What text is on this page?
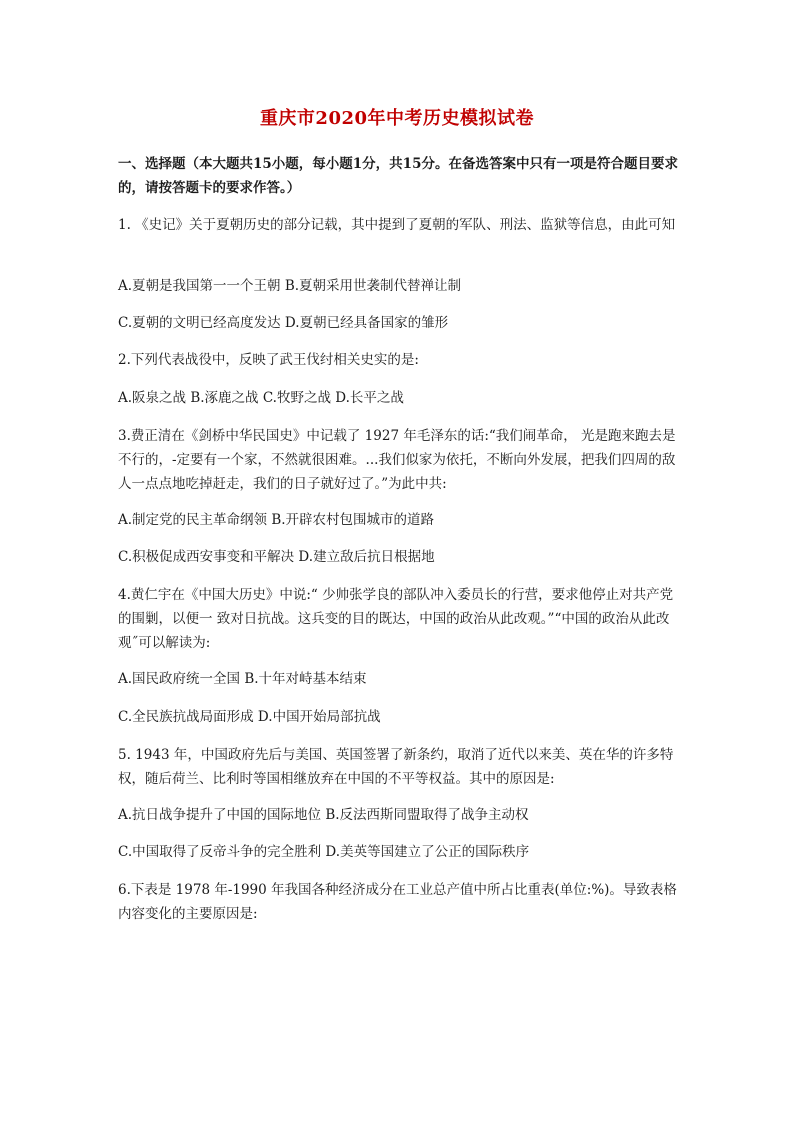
重庆市2020年中考历史模拟试卷
一、选择题（本大题共15小题，每小题1分，共15分。在备选答案中只有一项是符合题目要求的，请按答题卡的要求作答。）
1. 《史记》关于夏朝历史的部分记载，其中提到了夏朝的军队、刑法、监狱等信息，由此可知
A.夏朝是我国第一一个王朝 B.夏朝采用世袭制代替禅让制
C.夏朝的文明已经高度发达 D.夏朝已经具备国家的雏形
2.下列代表战役中，反映了武王伐纣相关史实的是:
A.阪泉之战 B.涿鹿之战 C.牧野之战 D.长平之战
3.费正清在《剑桥中华民国史》中记载了 1927 年毛泽东的话:“我们闹革命， 光是跑来跑去是不行的，-定要有一个家，不然就很困难。...我们似家为依托，不断向外发展，把我们四周的敌人一点点地吃掉赶走，我们的日子就好过了。”为此中共:
A.制定党的民主革命纲领 B.开辟农村包围城市的道路
C.积极促成西安事变和平解决 D.建立敌后抗日根据地
4.黄仁宇在《中国大历史》中说:“ 少帅张学良的部队冲入委员长的行营，要求他停止对共产党的围剿，以便一 致对日抗战。这兵变的目的既达，中国的政治从此改观。”“中国的政治从此改观˝可以解读为:
A.国民政府统一全国 B.十年对峙基本结束
C.全民族抗战局面形成 D.中国开始局部抗战
5. 1943 年，中国政府先后与美国、英国签署了新条约，取消了近代以来美、英在华的许多特权，随后荷兰、比利时等国相继放弃在中国的不平等权益。其中的原因是:
A.抗日战争提升了中国的国际地位 B.反法西斯同盟取得了战争主动权
C.中国取得了反帝斗争的完全胜利 D.美英等国建立了公正的国际秩序
6.下表是 1978 年-1990 年我国各种经济成分在工业总产值中所占比重表(单位:%)。导致表格内容变化的主要原因是:
